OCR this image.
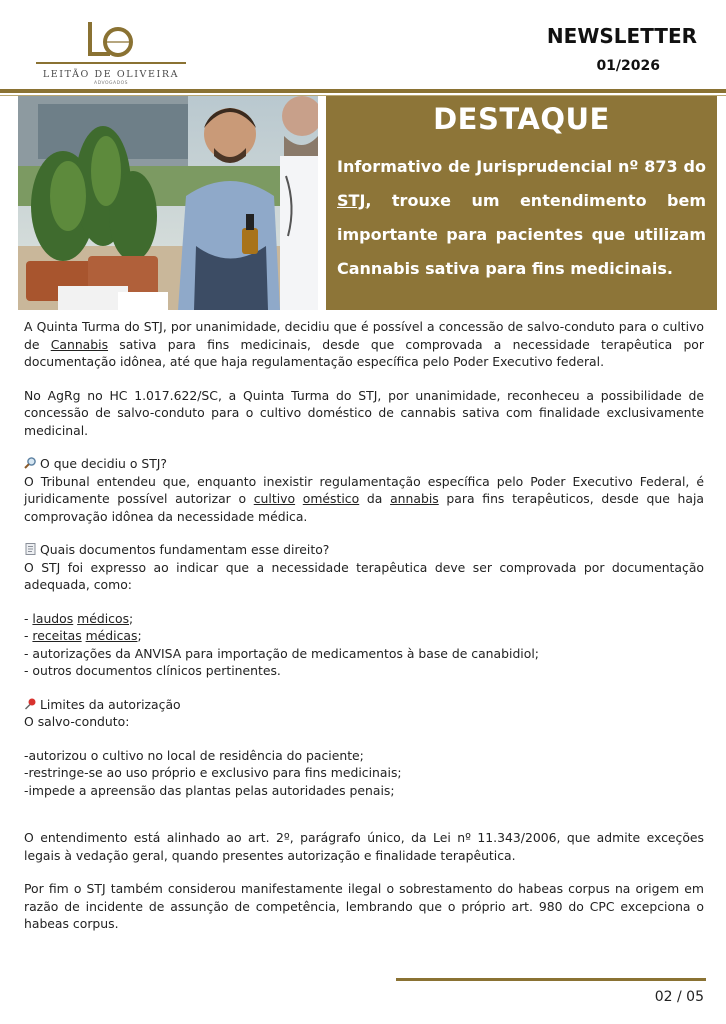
LEITÃO DE OLIVEIRA
ADVOGADOS
NEWSLETTER
01/2026
DESTAQUE

Informativo de Jurisprudencial nº 873 do STJ, trouxe um entendimento bem importante para pacientes que utilizam Cannabis sativa para fins medicinais.

A Quinta Turma do STJ, por unanimidade, decidiu que é possível a concessão de salvo-conduto para o cultivo de Cannabis sativa para fins medicinais, desde que comprovada a necessidade terapêutica por documentação idônea, até que haja regulamentação específica pelo Poder Executivo federal.

No AgRg no HC 1.017.622/SC, a Quinta Turma do STJ, por unanimidade, reconheceu a possibilidade de concessão de salvo-conduto para o cultivo doméstico de cannabis sativa com finalidade exclusivamente medicinal.

O que decidiu o STJ?

O Tribunal entendeu que, enquanto inexistir regulamentação específica pelo Poder Executivo Federal, é juridicamente possível autorizar o cultivo oméstico da annabis para fins terapêuticos, desde que haja comprovação idônea da necessidade médica.

Quais documentos fundamentam esse direito?

O STJ foi expresso ao indicar que a necessidade terapêutica deve ser comprovada por documentação adequada, como:

- laudos médicos;

- receitas médicas;

- autorizações da ANVISA para importação de medicamentos à base de canabidiol;

- outros documentos clínicos pertinentes.

Limites da autorização

O salvo-conduto:

-autorizou o cultivo no local de residência do paciente;

-restringe-se ao uso próprio e exclusivo para fins medicinais;

-impede a apreensão das plantas pelas autoridades penais;

O entendimento está alinhado ao art. 2º, parágrafo único, da Lei nº 11.343/2006, que admite exceções legais à vedação geral, quando presentes autorização e finalidade terapêutica.

Por fim o STJ também considerou manifestamente ilegal o sobrestamento do habeas corpus na origem em razão de incidente de assunção de competência, lembrando que o próprio art. 980 do CPC excepciona o habeas corpus.

02 / 05
